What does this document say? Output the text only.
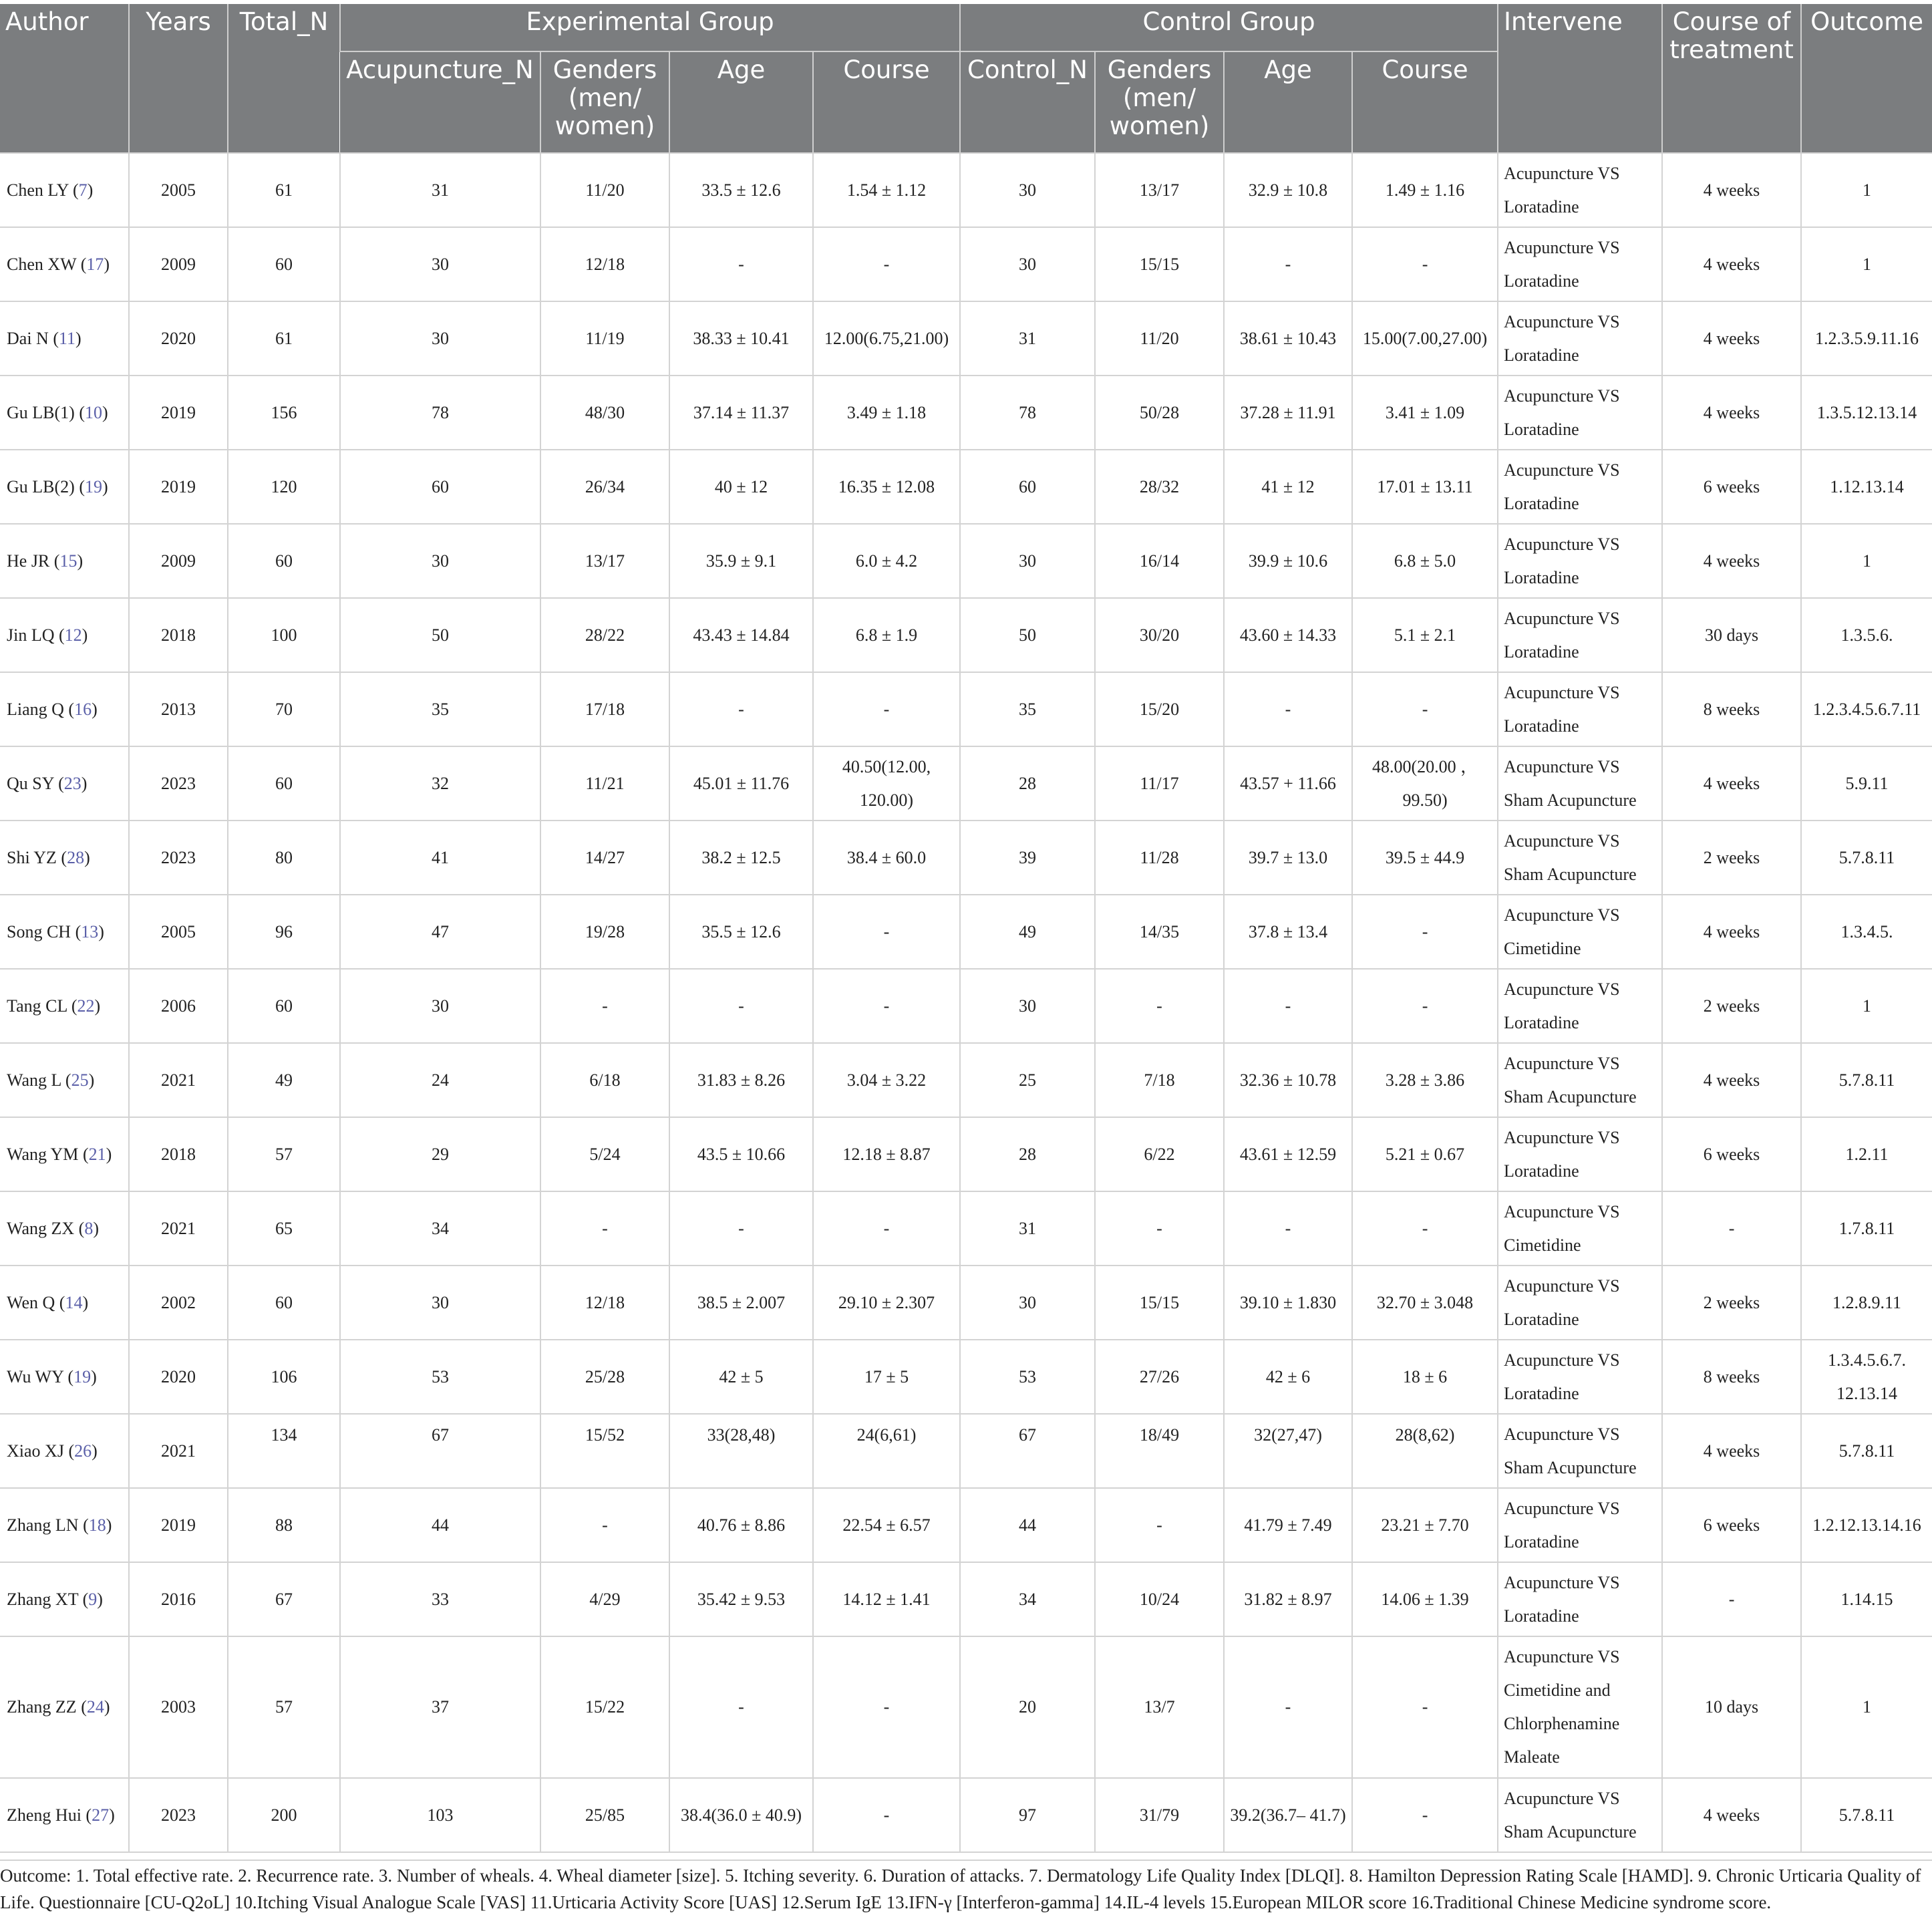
Author	Years	Total_N	Experimental Group				Control Group				Intervene	Course of treatment	Outcome
			Acupuncture_N	Genders (men/ women)	Age	Course	Control_N	Genders (men/ women)	Age	Course			
Chen LY (7)	2005	61	31	11/20	33.5 ± 12.6	1.54 ± 1.12	30	13/17	32.9 ± 10.8	1.49 ± 1.16	Acupuncture VS Loratadine	4 weeks	1
Chen XW (17)	2009	60	30	12/18	-	-	30	15/15	-	-	Acupuncture VS Loratadine	4 weeks	1
Dai N (11)	2020	61	30	11/19	38.33 ± 10.41	12.00(6.75,21.00)	31	11/20	38.61 ± 10.43	15.00(7.00,27.00)	Acupuncture VS Loratadine	4 weeks	1.2.3.5.9.11.16
Gu LB(1) (10)	2019	156	78	48/30	37.14 ± 11.37	3.49 ± 1.18	78	50/28	37.28 ± 11.91	3.41 ± 1.09	Acupuncture VS Loratadine	4 weeks	1.3.5.12.13.14
Gu LB(2) (19)	2019	120	60	26/34	40 ± 12	16.35 ± 12.08	60	28/32	41 ± 12	17.01 ± 13.11	Acupuncture VS Loratadine	6 weeks	1.12.13.14
He JR (15)	2009	60	30	13/17	35.9 ± 9.1	6.0 ± 4.2	30	16/14	39.9 ± 10.6	6.8 ± 5.0	Acupuncture VS Loratadine	4 weeks	1
Jin LQ (12)	2018	100	50	28/22	43.43 ± 14.84	6.8 ± 1.9	50	30/20	43.60 ± 14.33	5.1 ± 2.1	Acupuncture VS Loratadine	30 days	1.3.5.6.
Liang Q (16)	2013	70	35	17/18	-	-	35	15/20	-	-	Acupuncture VS Loratadine	8 weeks	1.2.3.4.5.6.7.11
Qu SY (23)	2023	60	32	11/21	45.01 ± 11.76	40.50(12.00, 120.00)	28	11/17	43.57 + 11.66	48.00(20.00 ，99.50)	Acupuncture VS Sham Acupuncture	4 weeks	5.9.11
Shi YZ (28)	2023	80	41	14/27	38.2 ± 12.5	38.4 ± 60.0	39	11/28	39.7 ± 13.0	39.5 ± 44.9	Acupuncture VS Sham Acupuncture	2 weeks	5.7.8.11
Song CH (13)	2005	96	47	19/28	35.5 ± 12.6	-	49	14/35	37.8 ± 13.4	-	Acupuncture VS Cimetidine	4 weeks	1.3.4.5.
Tang CL (22)	2006	60	30	-	-	-	30	-	-	-	Acupuncture VS Loratadine	2 weeks	1
Wang L (25)	2021	49	24	6/18	31.83 ± 8.26	3.04 ± 3.22	25	7/18	32.36 ± 10.78	3.28 ± 3.86	Acupuncture VS Sham Acupuncture	4 weeks	5.7.8.11
Wang YM (21)	2018	57	29	5/24	43.5 ± 10.66	12.18 ± 8.87	28	6/22	43.61 ± 12.59	5.21 ± 0.67	Acupuncture VS Loratadine	6 weeks	1.2.11
Wang ZX (8)	2021	65	34	-	-	-	31	-	-	-	Acupuncture VS Cimetidine	-	1.7.8.11
Wen Q (14)	2002	60	30	12/18	38.5 ± 2.007	29.10 ± 2.307	30	15/15	39.10 ± 1.830	32.70 ± 3.048	Acupuncture VS Loratadine	2 weeks	1.2.8.9.11
Wu WY (19)	2020	106	53	25/28	42 ± 5	17 ± 5	53	27/26	42 ± 6	18 ± 6	Acupuncture VS Loratadine	8 weeks	1.3.4.5.6.7. 12.13.14
Xiao XJ (26)	2021	134	67	15/52	33(28,48)	24(6,61)	67	18/49	32(27,47)	28(8,62)	Acupuncture VS Sham Acupuncture	4 weeks	5.7.8.11
Zhang LN (18)	2019	88	44	-	40.76 ± 8.86	22.54 ± 6.57	44	-	41.79 ± 7.49	23.21 ± 7.70	Acupuncture VS Loratadine	6 weeks	1.2.12.13.14.16
Zhang XT (9)	2016	67	33	4/29	35.42 ± 9.53	14.12 ± 1.41	34	10/24	31.82 ± 8.97	14.06 ± 1.39	Acupuncture VS Loratadine	-	1.14.15
Zhang ZZ (24)	2003	57	37	15/22	-	-	20	13/7	-	-	Acupuncture VS Cimetidine and Chlorphenamine Maleate	10 days	1
Zheng Hui (27)	2023	200	103	25/85	38.4(36.0 ± 40.9)	-	97	31/79	39.2(36.7– 41.7)	-	Acupuncture VS Sham Acupuncture	4 weeks	5.7.8.11
Outcome: 1. Total effective rate. 2. Recurrence rate. 3. Number of wheals. 4. Wheal diameter [size]. 5. Itching severity. 6. Duration of attacks. 7. Dermatology Life Quality Index [DLQI]. 8. Hamilton Depression Rating Scale [HAMD]. 9. Chronic Urticaria Quality of Life. Questionnaire [CU-Q2oL] 10.Itching Visual Analogue Scale [VAS] 11.Urticaria Activity Score [UAS] 12.Serum IgE 13.IFN-γ [Interferon-gamma] 14.IL-4 levels 15.European MILOR score 16.Traditional Chinese Medicine syndrome score.
